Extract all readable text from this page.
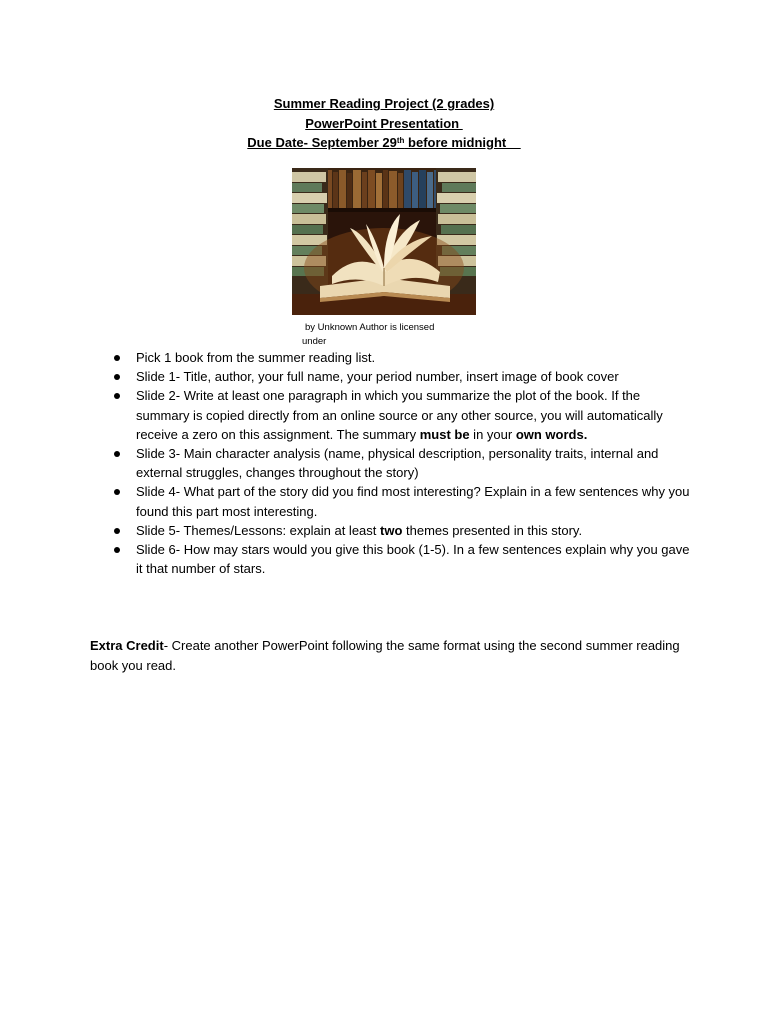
Summer Reading Project (2 grades)
PowerPoint Presentation
Due Date- September 29th before midnight
by Unknown Author is licensed
under
Pick 1 book from the summer reading list.
Slide 1- Title, author, your full name, your period number, insert image of book cover
Slide 2- Write at least one paragraph in which you summarize the plot of the book. If the summary is copied directly from an online source or any other source, you will automatically receive a zero on this assignment. The summary must be in your own words.
Slide 3- Main character analysis (name, physical description, personality traits, internal and external struggles, changes throughout the story)
Slide 4- What part of the story did you find most interesting? Explain in a few sentences why you found this part most interesting.
Slide 5- Themes/Lessons: explain at least two themes presented in this story.
Slide 6- How may stars would you give this book (1-5). In a few sentences explain why you gave it that number of stars.
Extra Credit- Create another PowerPoint following the same format using the second summer reading book you read.
